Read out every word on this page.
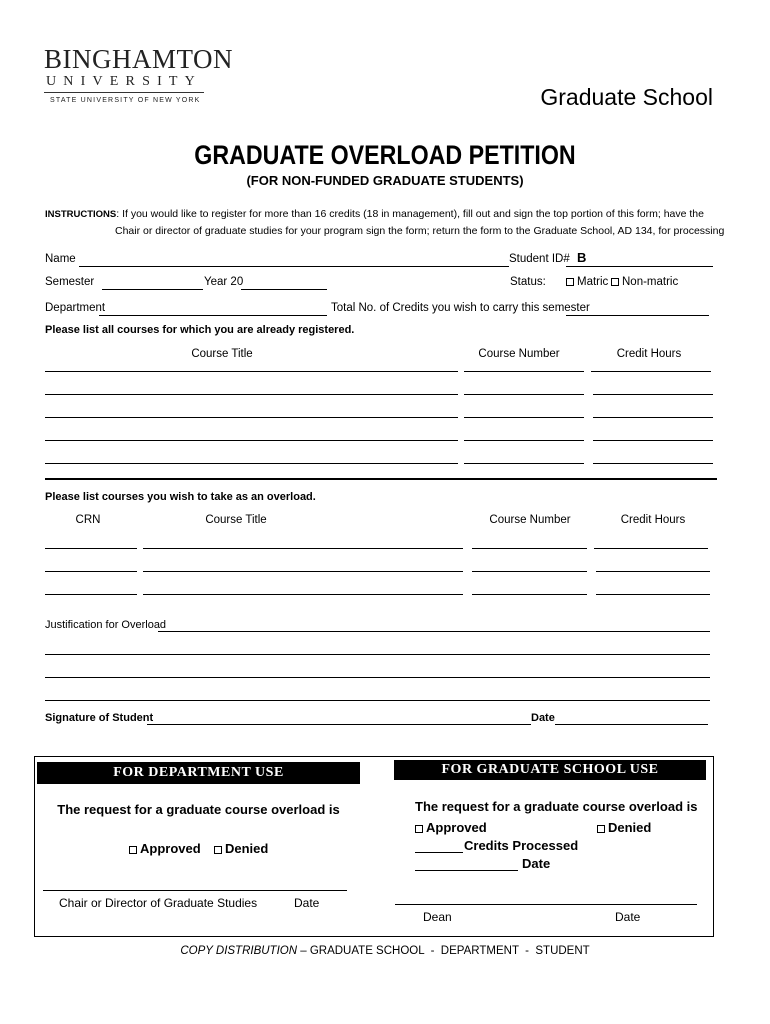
BINGHAMTON
UNIVERSITY
STATE UNIVERSITY OF NEW YORK	Graduate School
GRADUATE OVERLOAD PETITION
(FOR NON-FUNDED GRADUATE STUDENTS)
INSTRUCTIONS: If you would like to register for more than 16 credits (18 in management), fill out and sign the top portion of this form; have the
Chair or director of graduate studies for your program sign the form; return the form to the Graduate School, AD 134, for processing
Name	Student ID# B
Semester	Year 20	Status:	Matric	Non-matric
Department	Total No. of Credits you wish to carry this semester
Please list all courses for which you are already registered.
Course Title	Course Number	Credit Hours
Please list courses you wish to take as an overload.
CRN	Course Title	Course Number	Credit Hours
Justification for Overload
Signature of Student	Date
FOR DEPARTMENT USE
The request for a graduate course overload is
Approved	Denied
Chair or Director of Graduate Studies	Date
FOR GRADUATE SCHOOL USE
The request for a graduate course overload is
Approved	Denied
Credits Processed
Date
Dean	Date
COPY DISTRIBUTION – GRADUATE SCHOOL  -  DEPARTMENT  -  STUDENT
